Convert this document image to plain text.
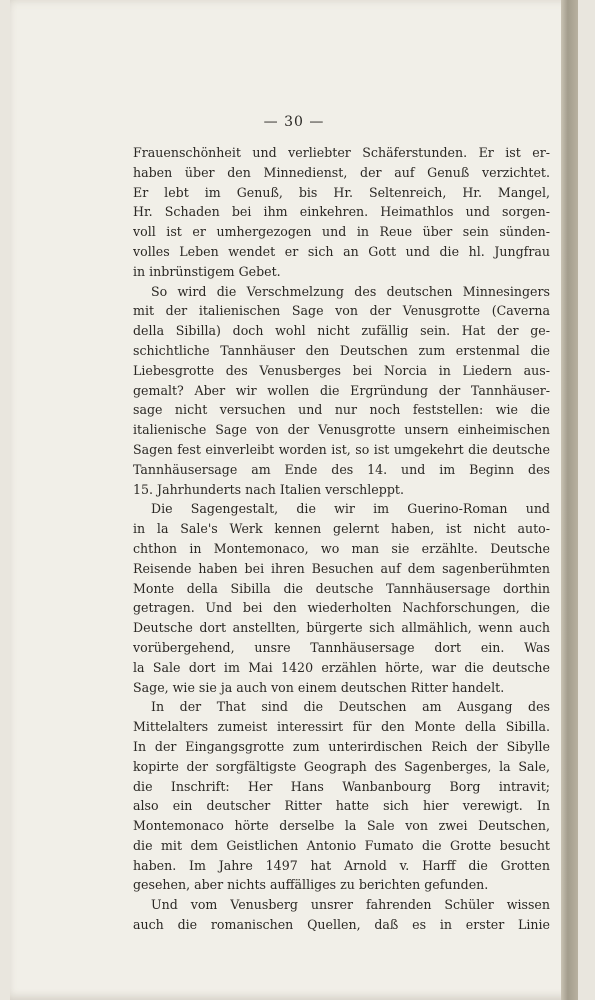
— 30 —
Frauenschönheit und verliebter Schäferstunden. Er ist er-
haben über den Minnedienst, der auf Genuß verzichtet.
Er lebt im Genuß, bis Hr. Seltenreich, Hr. Mangel,
Hr. Schaden bei ihm einkehren. Heimathlos und sorgen-
voll ist er umhergezogen und in Reue über sein sünden-
volles Leben wendet er sich an Gott und die hl. Jungfrau
in inbrünstigem Gebet.
So wird die Verschmelzung des deutschen Minnesingers
mit der italienischen Sage von der Venusgrotte (Caverna
della Sibilla) doch wohl nicht zufällig sein. Hat der ge-
schichtliche Tannhäuser den Deutschen zum erstenmal die
Liebesgrotte des Venusberges bei Norcia in Liedern aus-
gemalt? Aber wir wollen die Ergründung der Tannhäuser-
sage nicht versuchen und nur noch feststellen: wie die
italienische Sage von der Venusgrotte unsern einheimischen
Sagen fest einverleibt worden ist, so ist umgekehrt die deutsche
Tannhäusersage am Ende des 14. und im Beginn des
15. Jahrhunderts nach Italien verschleppt.
Die Sagengestalt, die wir im Guerino-Roman und
in la Sale's Werk kennen gelernt haben, ist nicht auto-
chthon in Montemonaco, wo man sie erzählte. Deutsche
Reisende haben bei ihren Besuchen auf dem sagenberühmten
Monte della Sibilla die deutsche Tannhäusersage dorthin
getragen. Und bei den wiederholten Nachforschungen, die
Deutsche dort anstellten, bürgerte sich allmählich, wenn auch
vorübergehend, unsre Tannhäusersage dort ein. Was
la Sale dort im Mai 1420 erzählen hörte, war die deutsche
Sage, wie sie ja auch von einem deutschen Ritter handelt.
In der That sind die Deutschen am Ausgang des
Mittelalters zumeist interessirt für den Monte della Sibilla.
In der Eingangsgrotte zum unterirdischen Reich der Sibylle
kopirte der sorgfältigste Geograph des Sagenberges, la Sale,
die Inschrift: Her Hans Wanbanbourg Borg intravit;
also ein deutscher Ritter hatte sich hier verewigt. In
Montemonaco hörte derselbe la Sale von zwei Deutschen,
die mit dem Geistlichen Antonio Fumato die Grotte besucht
haben. Im Jahre 1497 hat Arnold v. Harff die Grotten
gesehen, aber nichts auffälliges zu berichten gefunden.
Und vom Venusberg unsrer fahrenden Schüler wissen
auch die romanischen Quellen, daß es in erster Linie
